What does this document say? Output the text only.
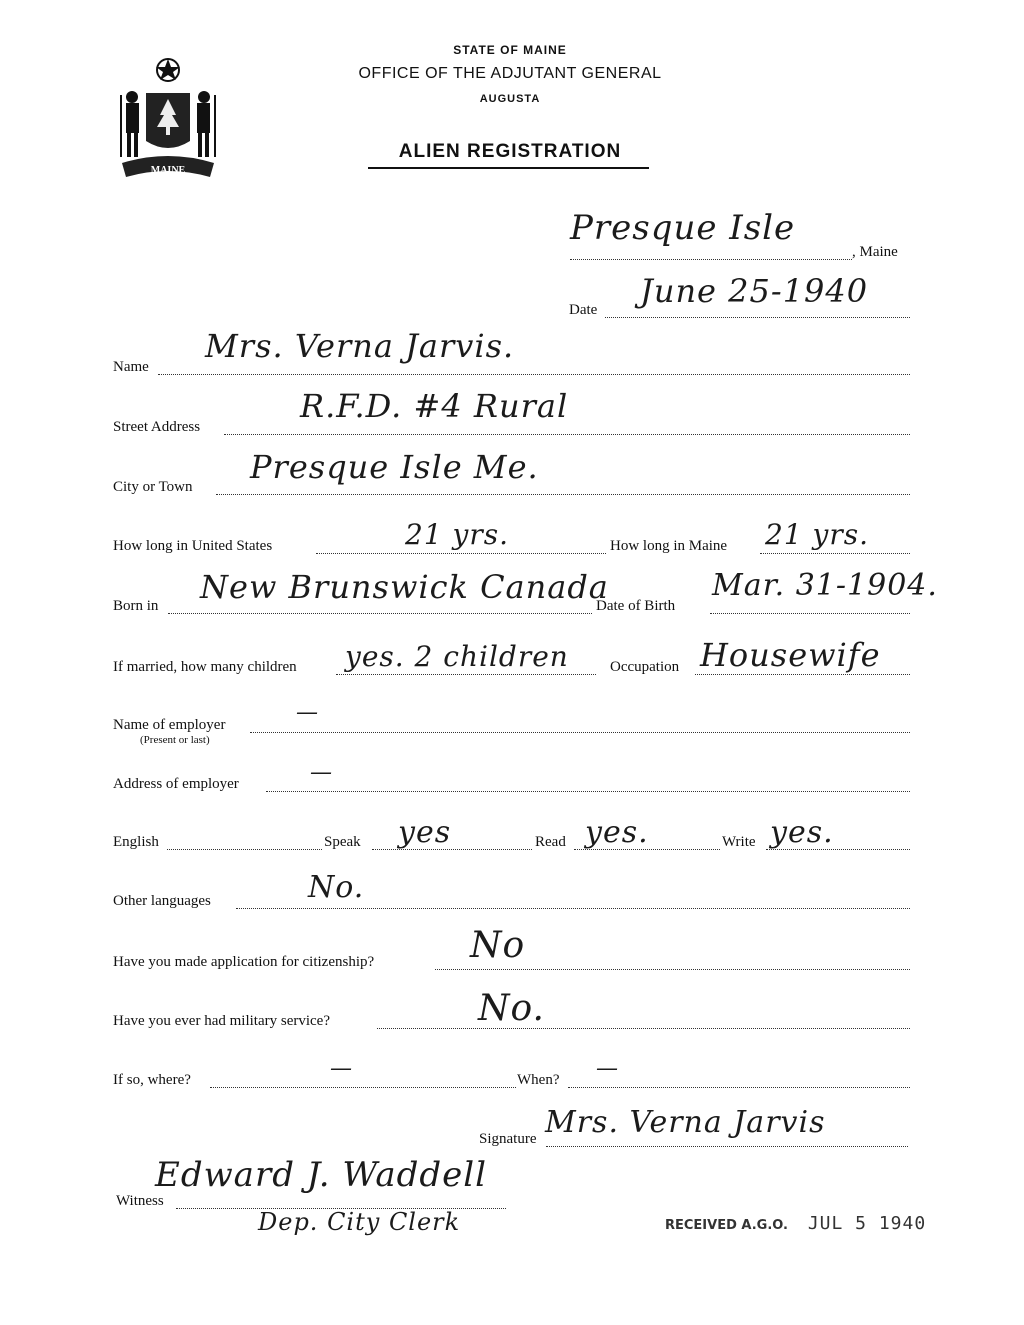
MAINE
STATE OF MAINE
OFFICE OF THE ADJUTANT GENERAL
AUGUSTA
ALIEN REGISTRATION
Presque Isle
, Maine
Date June 25-1940
Name
Mrs. Verna Jarvis.
Street Address
R.F.D. #4 Rural
City or Town
Presque Isle Me.
How long in United States	21 yrs.	How long in Maine 21 yrs.
Born in New Brunswick Canada
Date of Birth
Mar. 31-1904.
If married, how many children yes. 2 children	Occupation Housewife
Name of employer
(Present or last)
—
Address of employer	—
English	Speak yes	Read yes.	Write yes.
Other languages	No.
Have you made application for citizenship?	No
Have you ever had military service?	No.
If so, where?	—	When? —
Signature Mrs. Verna Jarvis
Witness
Edward J. Waddell
Dep. City Clerk	RECEIVED A.G.O. JUL 5 1940
